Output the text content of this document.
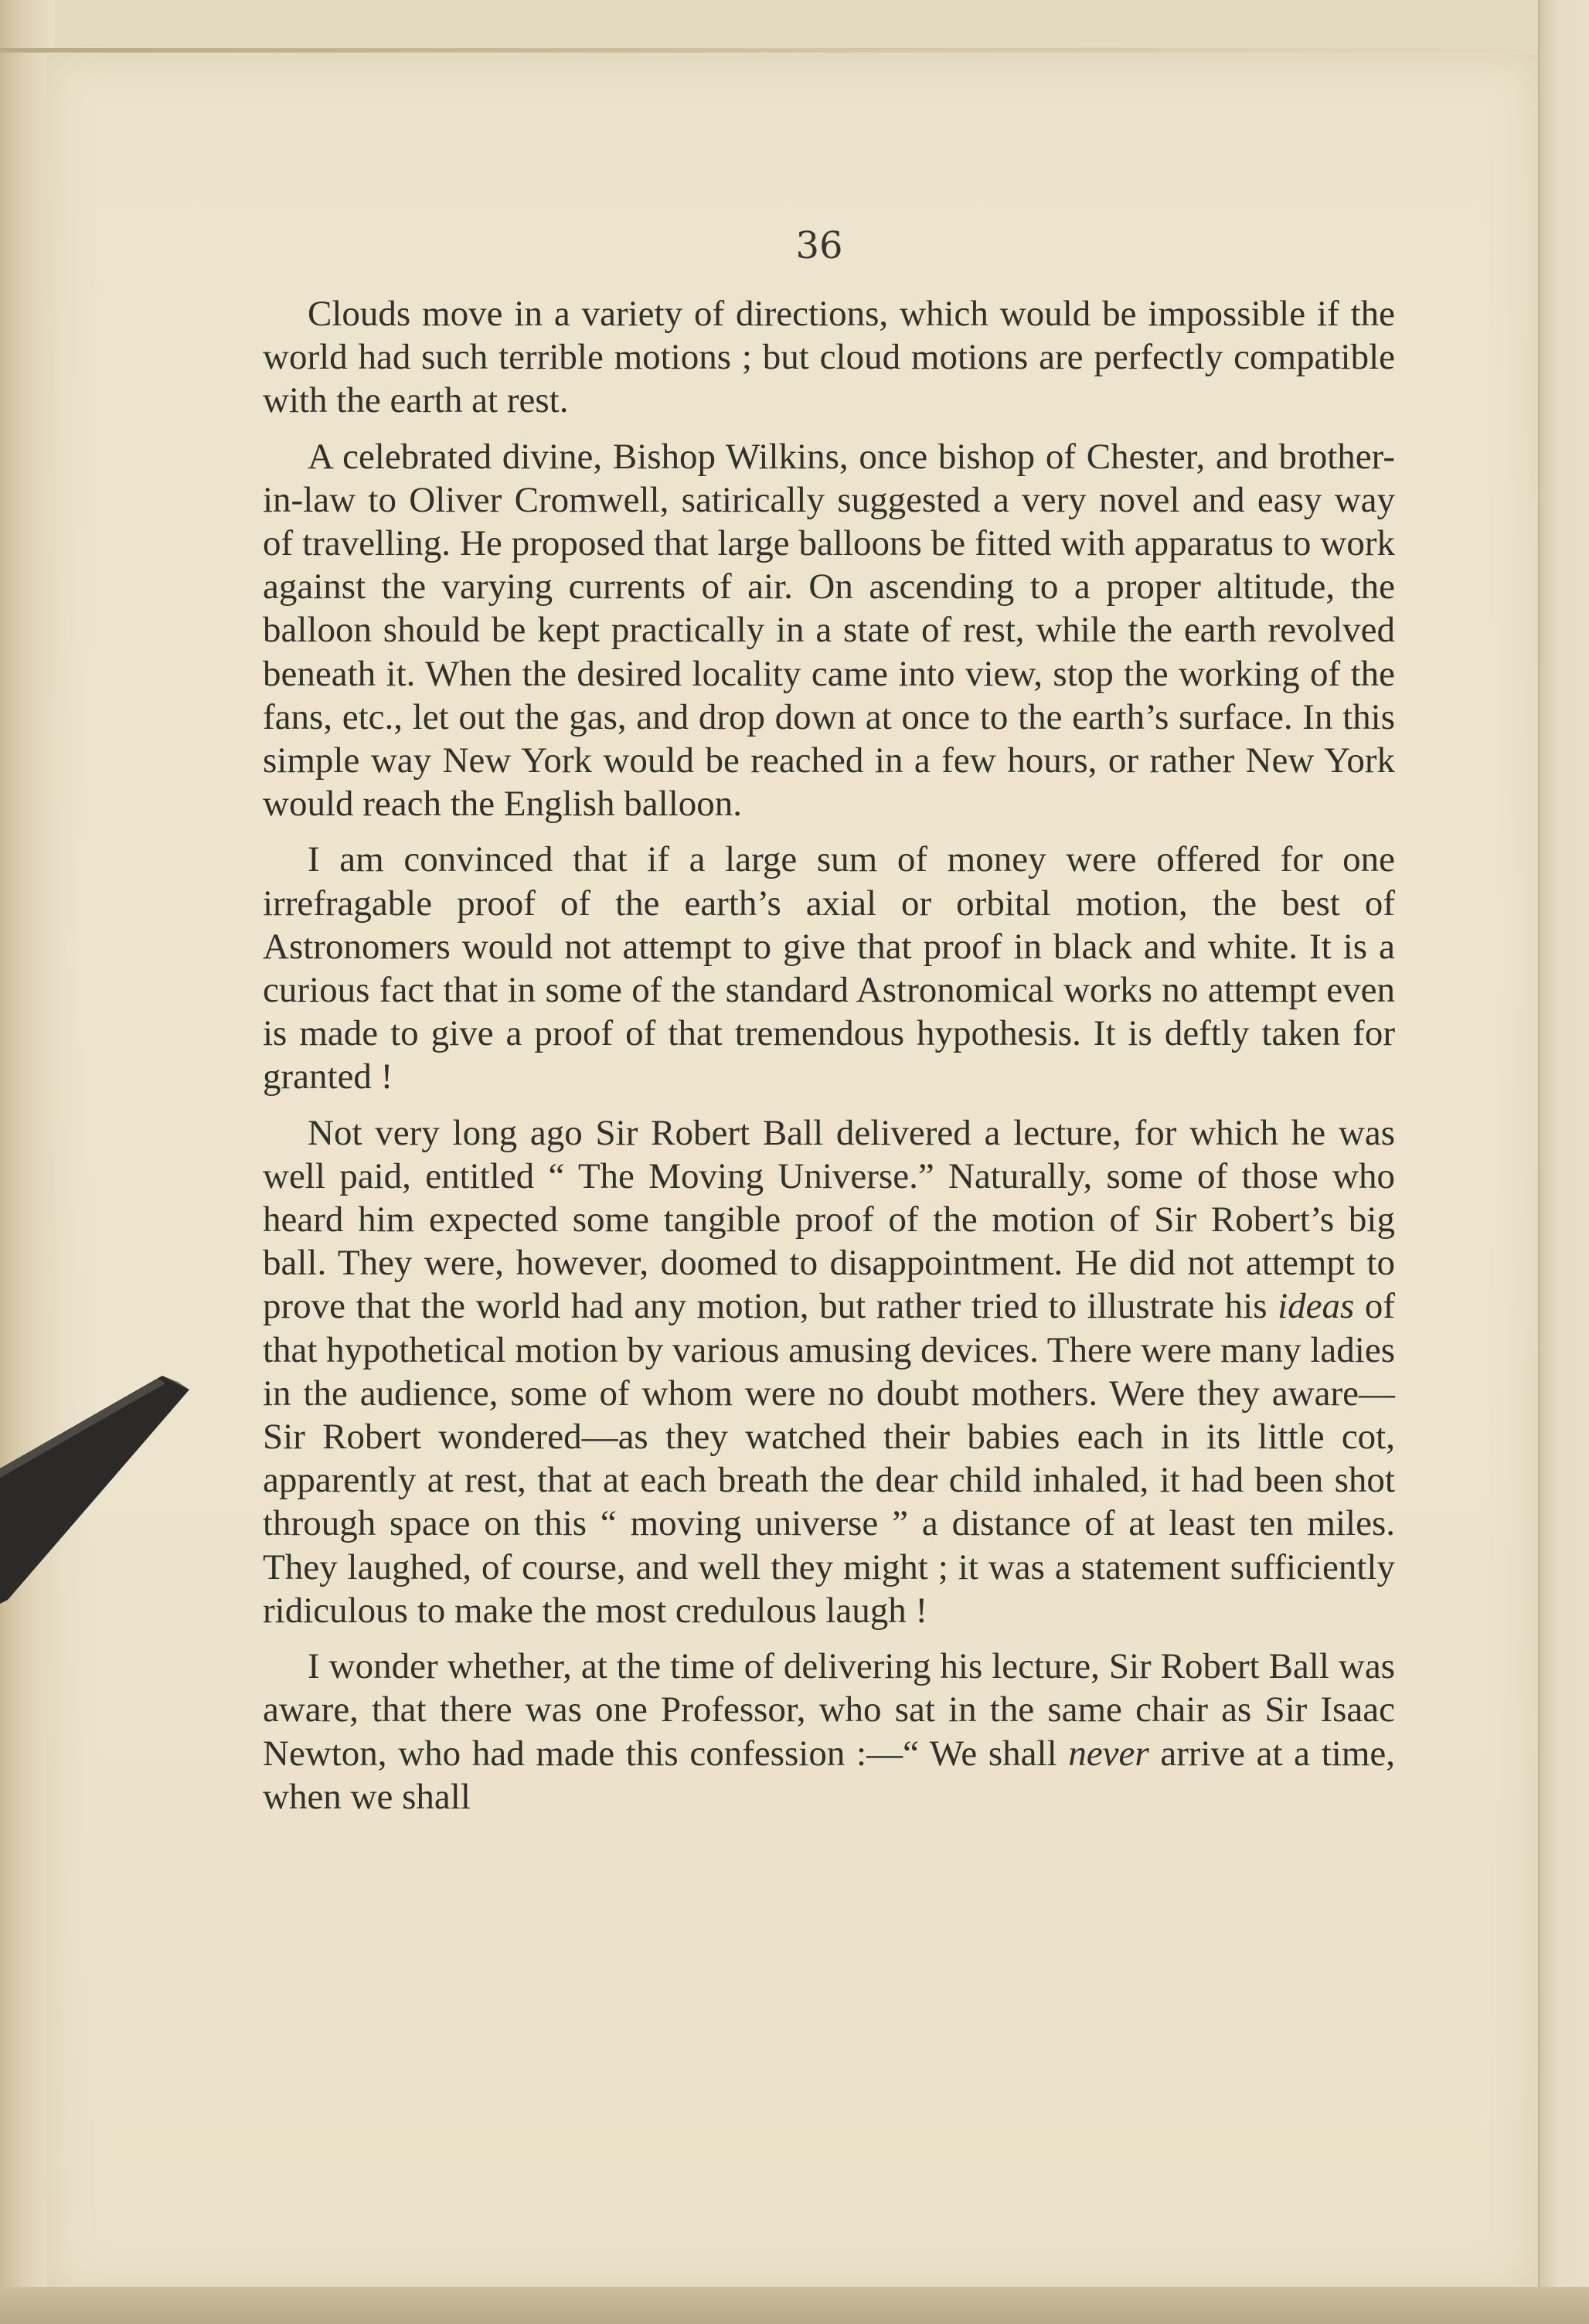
36

Clouds move in a variety of directions, which would be impossible if the world had such terrible motions ; but cloud motions are perfectly compatible with the earth at rest.

A celebrated divine, Bishop Wilkins, once bishop of Chester, and brother-in-law to Oliver Cromwell, satirically suggested a very novel and easy way of travelling. He proposed that large balloons be fitted with apparatus to work against the varying currents of air. On ascending to a proper altitude, the balloon should be kept practically in a state of rest, while the earth revolved beneath it. When the desired locality came into view, stop the working of the fans, etc., let out the gas, and drop down at once to the earth’s surface. In this simple way New York would be reached in a few hours, or rather New York would reach the English balloon.

I am convinced that if a large sum of money were offered for one irrefragable proof of the earth’s axial or orbital motion, the best of Astronomers would not attempt to give that proof in black and white. It is a curious fact that in some of the standard Astronomical works no attempt even is made to give a proof of that tremendous hypothesis. It is deftly taken for granted !

Not very long ago Sir Robert Ball delivered a lecture, for which he was well paid, entitled “ The Moving Universe.” Naturally, some of those who heard him expected some tangible proof of the motion of Sir Robert’s big ball. They were, however, doomed to disappointment. He did not attempt to prove that the world had any motion, but rather tried to illustrate his ideas of that hypothetical motion by various amusing devices. There were many ladies in the audience, some of whom were no doubt mothers. Were they aware—Sir Robert wondered—as they watched their babies each in its little cot, apparently at rest, that at each breath the dear child inhaled, it had been shot through space on this “ moving universe ” a distance of at least ten miles. They laughed, of course, and well they might ; it was a statement sufficiently ridiculous to make the most credulous laugh !

I wonder whether, at the time of delivering his lecture, Sir Robert Ball was aware, that there was one Professor, who sat in the same chair as Sir Isaac Newton, who had made this confession :—“ We shall never arrive at a time, when we shall
